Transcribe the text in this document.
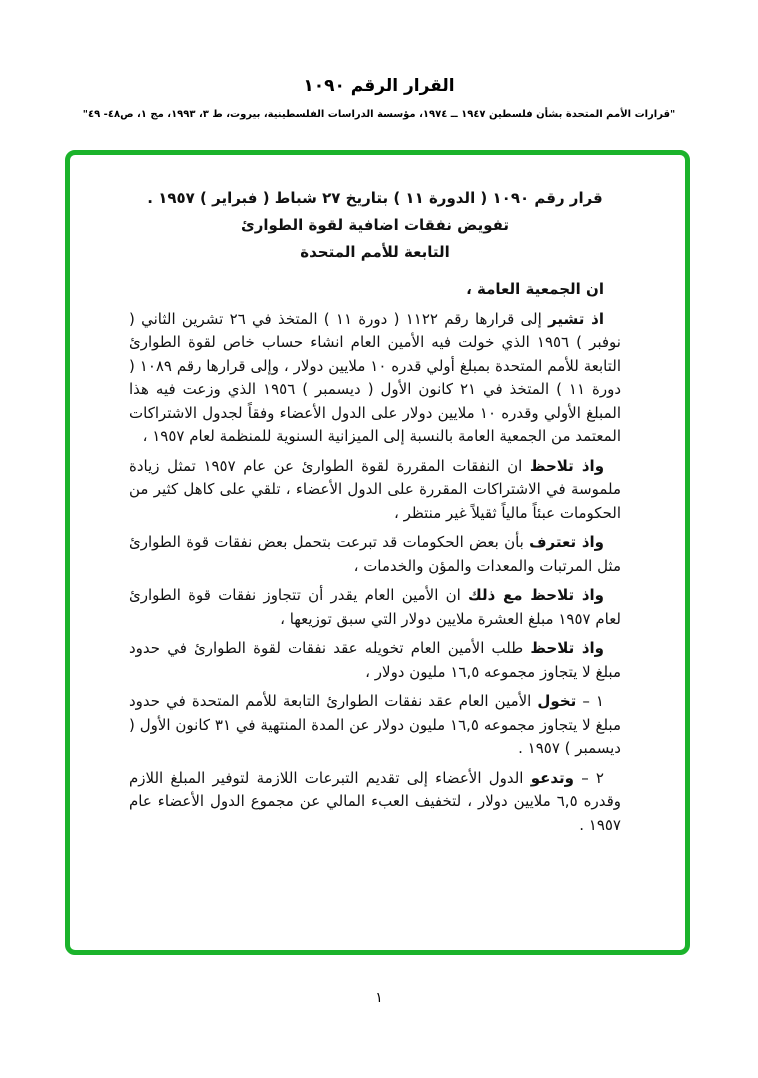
القرار الرقم ١٠٩٠
"قرارات الأمم المتحدة بشأن فلسطين ١٩٤٧ ــ ١٩٧٤، مؤسسة الدراسات الفلسطينية، بيروت، ط ٣، ١٩٩٣، مج ١، ص٤٨- ٤٩"
قرار رقم ١٠٩٠ ( الدورة ١١ ) بتاريخ ٢٧ شباط ( فبراير ) ١٩٥٧ .
تفويض نفقات اضافية لقوة الطوارئ
التابعة للأمم المتحدة

ان الجمعية العامة ،

اذ تشير إلى قرارها رقم ١١٢٢ ( دورة ١١ ) المتخذ في ٢٦ تشرين الثاني ( نوفبر ) ١٩٥٦ الذي خولت فيه الأمين العام انشاء حساب خاص لقوة الطوارئ التابعة للأمم المتحدة بمبلغ أولي قدره ١٠ ملايين دولار ، وإلى قرارها رقم ١٠٨٩ ( دورة ١١ ) المتخذ في ٢١ كانون الأول ( ديسمبر ) ١٩٥٦ الذي وزعت فيه هذا المبلغ الأولي وقدره ١٠ ملايين دولار على الدول الأعضاء وفقاً لجدول الاشتراكات المعتمد من الجمعية العامة بالنسبة إلى الميزانية السنوية للمنظمة لعام ١٩٥٧ ،

واذ تلاحظ ان النفقات المقررة لقوة الطوارئ عن عام ١٩٥٧ تمثل زيادة ملموسة في الاشتراكات المقررة على الدول الأعضاء ، تلقي على كاهل كثير من الحكومات عبئاً مالياً ثقيلاً غير منتظر ،

واذ تعترف بأن بعض الحكومات قد تبرعت بتحمل بعض نفقات قوة الطوارئ مثل المرتبات والمعدات والمؤن والخدمات ،

واذ تلاحظ مع ذلك ان الأمين العام يقدر أن تتجاوز نفقات قوة الطوارئ لعام ١٩٥٧ مبلغ العشرة ملايين دولار التي سبق توزيعها ،

واذ تلاحظ طلب الأمين العام تخويله عقد نفقات لقوة الطوارئ في حدود مبلغ لا يتجاوز مجموعه ١٦,٥ مليون دولار ،

١ – تخول الأمين العام عقد نفقات الطوارئ التابعة للأمم المتحدة في حدود مبلغ لا يتجاوز مجموعه ١٦,٥ مليون دولار عن المدة المنتهية في ٣١ كانون الأول ( ديسمبر ) ١٩٥٧ .

٢ – وتدعو الدول الأعضاء إلى تقديم التبرعات اللازمة لتوفير المبلغ اللازم وقدره ٦,٥ ملايين دولار ، لتخفيف العبء المالي عن مجموع الدول الأعضاء عام ١٩٥٧ .

١
